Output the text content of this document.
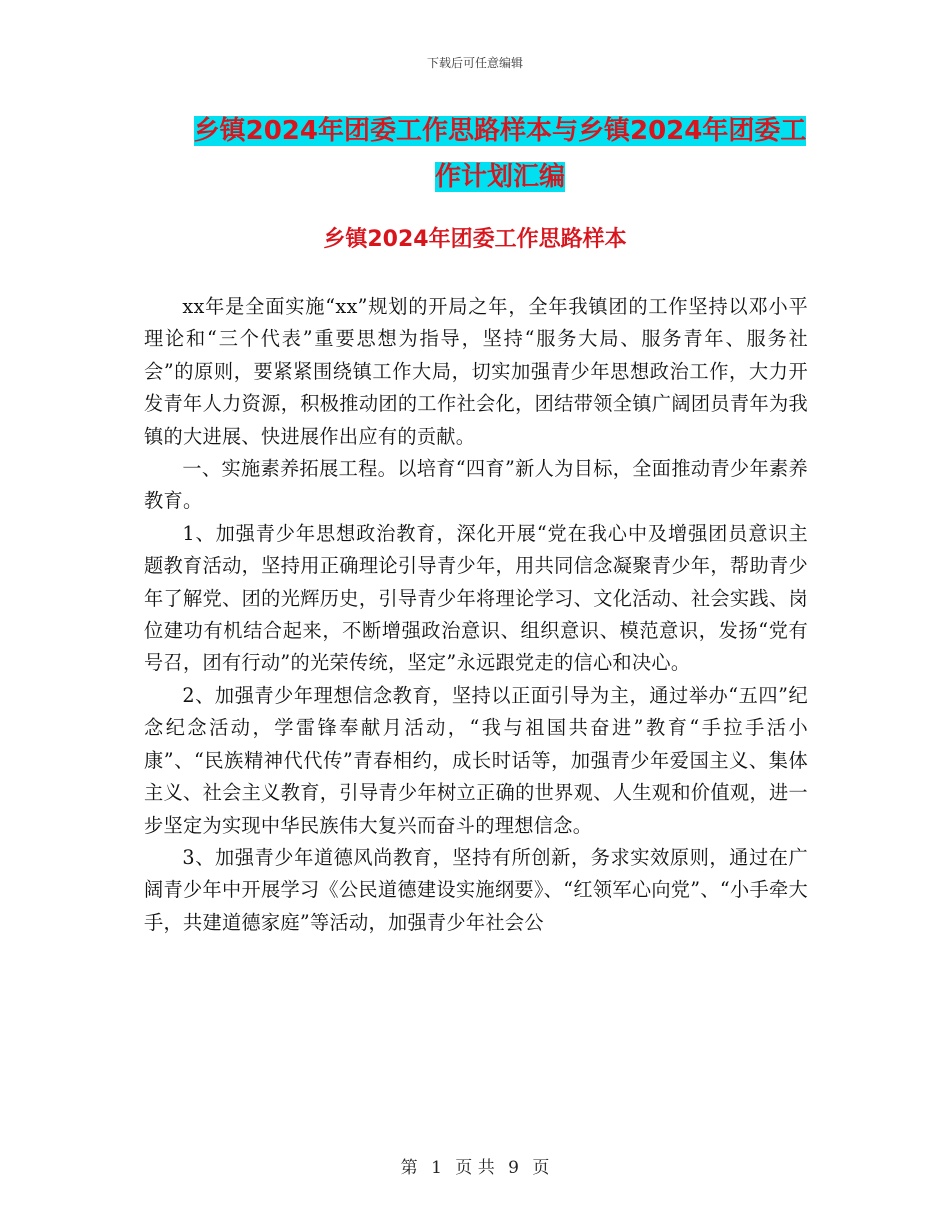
下载后可任意编辑
乡镇2024年团委工作思路样本与乡镇2024年团委工
作计划汇编
乡镇2024年团委工作思路样本

xx年是全面实施“xx”规划的开局之年，全年我镇团的工作坚持以邓小平理论和“三个代表”重要思想为指导，坚持“服务大局、服务青年、服务社会”的原则，要紧紧围绕镇工作大局，切实加强青少年思想政治工作，大力开发青年人力资源，积极推动团的工作社会化，团结带领全镇广阔团员青年为我镇的大进展、快进展作出应有的贡献。

一、实施素养拓展工程。以培育“四育”新人为目标，全面推动青少年素养教育。

1、加强青少年思想政治教育，深化开展“党在我心中及增强团员意识主题教育活动，坚持用正确理论引导青少年，用共同信念凝聚青少年，帮助青少年了解党、团的光辉历史，引导青少年将理论学习、文化活动、社会实践、岗位建功有机结合起来，不断增强政治意识、组织意识、模范意识，发扬“党有号召，团有行动”的光荣传统，坚定”永远跟党走的信心和决心。

2、加强青少年理想信念教育，坚持以正面引导为主，通过举办“五四”纪念纪念活动，学雷锋奉献月活动，“我与祖国共奋进”教育“手拉手活小康”、“民族精神代代传”青春相约，成长时话等，加强青少年爱国主义、集体主义、社会主义教育，引导青少年树立正确的世界观、人生观和价值观，进一步坚定为实现中华民族伟大复兴而奋斗的理想信念。

3、加强青少年道德风尚教育，坚持有所创新，务求实效原则，通过在广阔青少年中开展学习《公民道德建设实施纲要》、“红领军心向党”、“小手牵大手，共建道德家庭”等活动，加强青少年社会公

第 1 页 共 9 页
